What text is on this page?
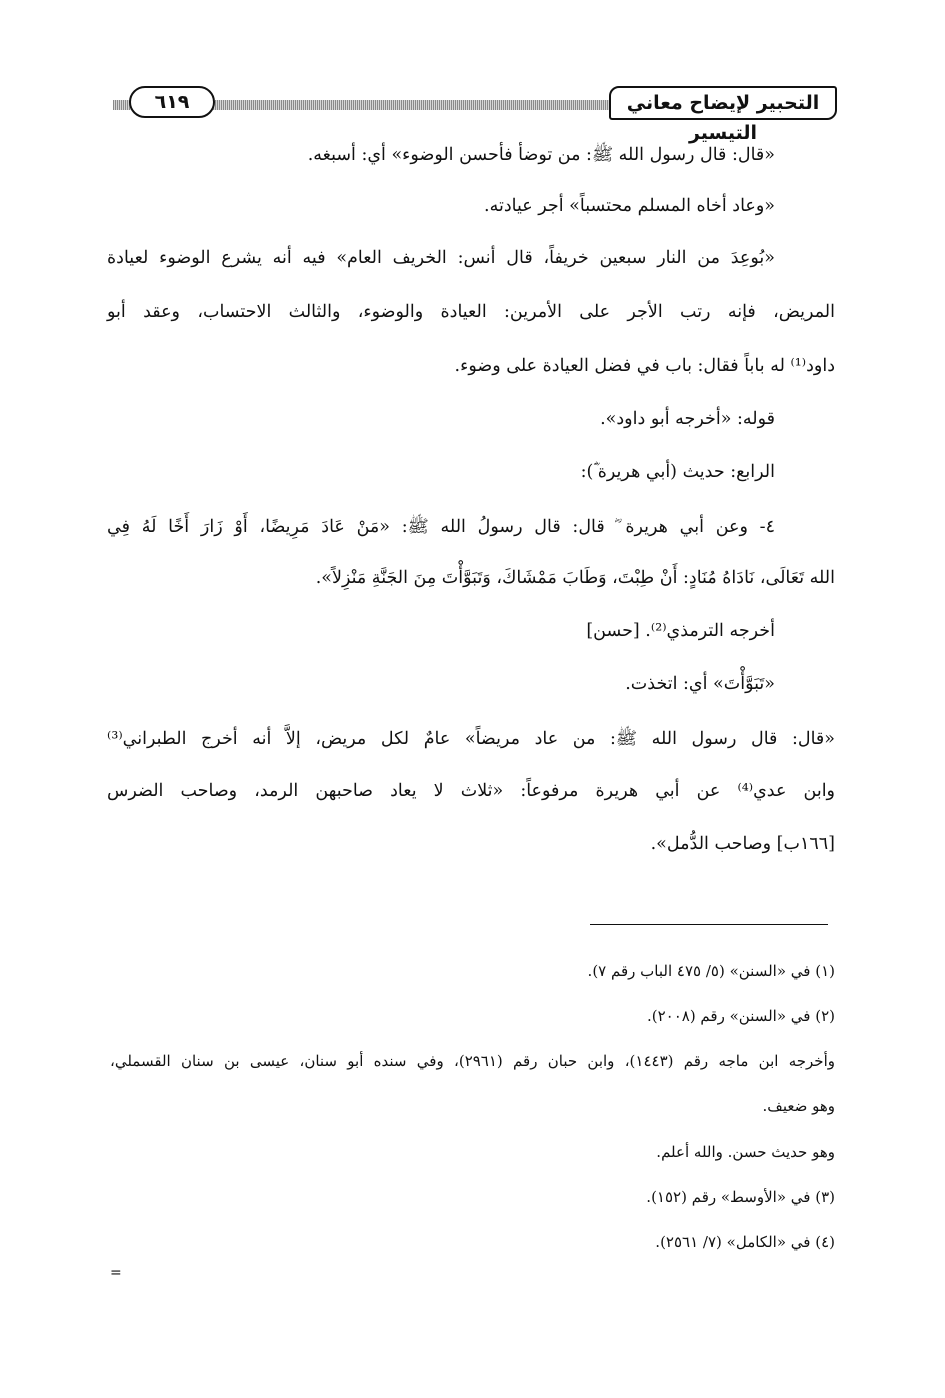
التحبير لإيضاح معاني التيسير
٦١٩
«قال: قال رسول الله ﷺ: من توضأ فأحسن الوضوء» أي: أسبغه.
«وعاد أخاه المسلم محتسباً» أجر عيادته.
«بُوعِدَ من النار سبعين خريفاً، قال أنس: الخريف العام» فيه أنه يشرع الوضوء لعيادة
المريض، فإنه رتب الأجر على الأمرين: العيادة والوضوء، والثالث الاحتساب، وعقد أبو
داود⁽¹⁾ له باباً فقال: باب في فضل العيادة على وضوء.
قوله: «أخرجه أبو داود».
الرابع: حديث (أبي هريرة ؓ):
٤- وعن أبي هريرة ؓ قال: قال رسولُ الله ﷺ: «مَنْ عَادَ مَرِيضًا، أَوْ زَارَ أَخًا لَهُ فِي
الله تَعَالَى، نَادَاهُ مُنَادٍ: أَنْ طِبْتَ، وَطَابَ مَمْشَاكَ، وَتَبَوَّأْتَ مِنَ الجَنَّةِ مَنْزِلاً».
أخرجه الترمذي⁽²⁾. [حسن]
«تَبَوَّأْتَ» أي: اتخذت.
«قال: قال رسول الله ﷺ: من عاد مريضاً» عامٌ لكل مريض، إلاَّ أنه أخرج الطبراني⁽³⁾
وابن عدي⁽⁴⁾ عن أبي هريرة مرفوعاً: «ثلاث لا يعاد صاحبهن الرمد، وصاحب الضرس
[١٦٦ب] وصاحب الدُّمل».
(١) في «السنن» (٥/ ٤٧٥ الباب رقم ٧).
(٢) في «السنن» رقم (٢٠٠٨).
وأخرجه ابن ماجه رقم (١٤٤٣)، وابن حبان رقم (٢٩٦١)، وفي سنده أبو سنان، عيسى بن سنان القسملي،
وهو ضعيف.
وهو حديث حسن. والله أعلم.
(٣) في «الأوسط» رقم (١٥٢).
(٤) في «الكامل» (٧/ ٢٥٦١).
=
